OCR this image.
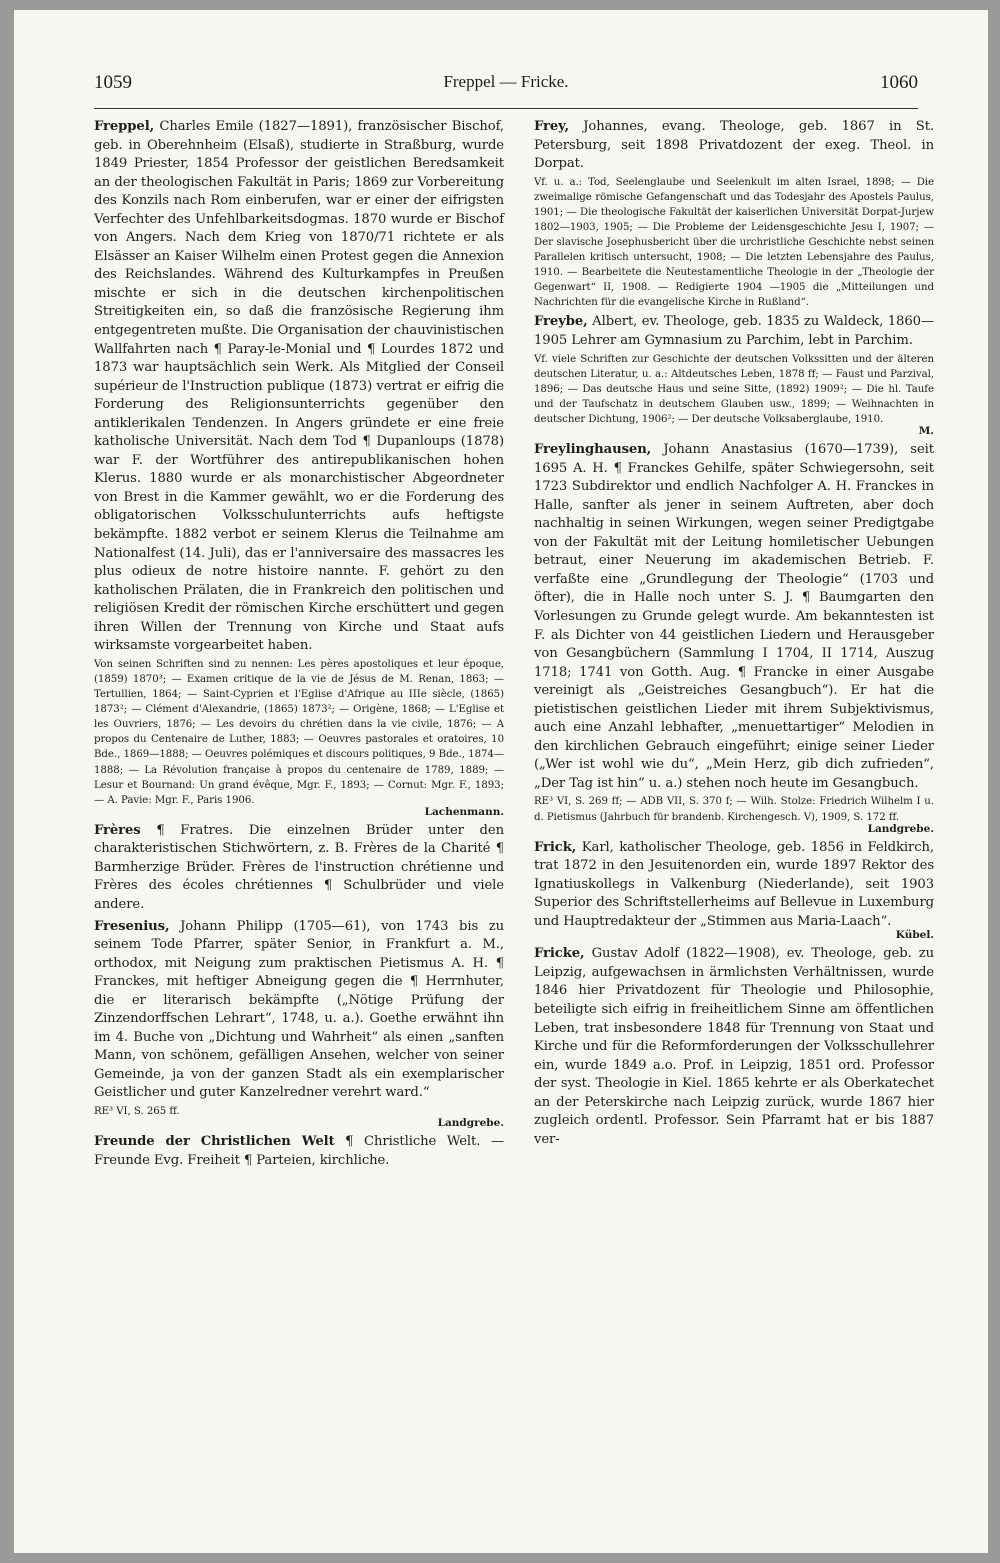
1059	Freppel — Fricke.	1060
Freppel, Charles Emile (1827—1891), französischer Bischof, geb. in Oberehnheim (Elsaß), studierte in Straßburg, wurde 1849 Priester, 1854 Professor der geistlichen Beredsamkeit an der theologischen Fakultät in Paris; 1869 zur Vorbereitung des Konzils nach Rom einberufen, war er einer der eifrigsten Verfechter des Unfehlbarkeitsdogmas. 1870 wurde er Bischof von Angers. Nach dem Krieg von 1870/71 richtete er als Elsässer an Kaiser Wilhelm einen Protest gegen die Annexion des Reichslandes. Während des Kulturkampfes in Preußen mischte er sich in die deutschen kirchenpolitischen Streitigkeiten ein, so daß die französische Regierung ihm entgegentreten mußte. Die Organisation der chauvinistischen Wallfahrten nach ¶ Paray-le-Monial und ¶ Lourdes 1872 und 1873 war hauptsächlich sein Werk. Als Mitglied der Conseil supérieur de l'Instruction publique (1873) vertrat er eifrig die Forderung des Religionsunterrichts gegenüber den antiklerikalen Tendenzen. In Angers gründete er eine freie katholische Universität. Nach dem Tod ¶ Dupanloups (1878) war F. der Wortführer des antirepublikanischen hohen Klerus. 1880 wurde er als monarchistischer Abgeordneter von Brest in die Kammer gewählt, wo er die Forderung des obligatorischen Volksschulunterrichts aufs heftigste bekämpfte. 1882 verbot er seinem Klerus die Teilnahme am Nationalfest (14. Juli), das er l'anniversaire des massacres les plus odieux de notre histoire nannte. F. gehört zu den katholischen Prälaten, die in Frankreich den politischen und religiösen Kredit der römischen Kirche erschüttert und gegen ihren Willen der Trennung von Kirche und Staat aufs wirksamste vorgearbeitet haben.
Von seinen Schriften sind zu nennen: Les pères apostoliques et leur époque, (1859) 1870³; — Examen critique de la vie de Jésus de M. Renan, 1863; — Tertullien, 1864; — Saint-Cyprien et l'Eglise d'Afrique au IIIe siècle, (1865) 1873²; — Clément d'Alexandrie, (1865) 1873²; — Origène, 1868; — L'Eglise et les Ouvriers, 1876; — Les devoirs du chrétien dans la vie civile, 1876; — A propos du Centenaire de Luther, 1883; — Oeuvres pastorales et oratoires, 10 Bde., 1869—1888; — Oeuvres polémiques et discours politiques, 9 Bde., 1874—1888; — La Révolution française à propos du centenaire de 1789, 1889; — Lesur et Bournand: Un grand évêque, Mgr. F., 1893; — Cornut: Mgr. F., 1893; — A. Pavie: Mgr. F., Paris 1906.
Lachenmann.
Frères ¶ Fratres. Die einzelnen Brüder unter den charakteristischen Stichwörtern, z. B. Frères de la Charité ¶ Barmherzige Brüder. Frères de l'instruction chrétienne und Frères des écoles chrétiennes ¶ Schulbrüder und viele andere.
Fresenius, Johann Philipp (1705—61), von 1743 bis zu seinem Tode Pfarrer, später Senior, in Frankfurt a. M., orthodox, mit Neigung zum praktischen Pietismus A. H. ¶ Franckes, mit heftiger Abneigung gegen die ¶ Herrnhuter, die er literarisch bekämpfte („Nötige Prüfung der Zinzendorffschen Lehrart“, 1748, u. a.). Goethe erwähnt ihn im 4. Buche von „Dichtung und Wahrheit“ als einen „sanften Mann, von schönem, gefälligen Ansehen, welcher von seiner Gemeinde, ja von der ganzen Stadt als ein exemplarischer Geistlicher und guter Kanzelredner verehrt ward.“
RE³ VI, S. 265 ff.
Landgrebe.
Freunde der Christlichen Welt ¶ Christliche Welt. — Freunde Evg. Freiheit ¶ Parteien, kirchliche.
Frey, Johannes, evang. Theologe, geb. 1867 in St. Petersburg, seit 1898 Privatdozent der exeg. Theol. in Dorpat.
Vf. u. a.: Tod, Seelenglaube und Seelenkult im alten Israel, 1898; — Die zweimalige römische Gefangenschaft und das Todesjahr des Apostels Paulus, 1901; — Die theologische Fakultät der kaiserlichen Universität Dorpat-Jurjew 1802—1903, 1905; — Die Probleme der Leidensgeschichte Jesu I, 1907; — Der slavische Josephusbericht über die urchristliche Geschichte nebst seinen Parallelen kritisch untersucht, 1908; — Die letzten Lebensjahre des Paulus, 1910. — Bearbeitete die Neutestamentliche Theologie in der „Theologie der Gegenwart“ II, 1908. — Redigierte 1904 —1905 die „Mitteilungen und Nachrichten für die evangelische Kirche in Rußland“.
Freybe, Albert, ev. Theologe, geb. 1835 zu Waldeck, 1860—1905 Lehrer am Gymnasium zu Parchim, lebt in Parchim.
Vf. viele Schriften zur Geschichte der deutschen Volkssitten und der älteren deutschen Literatur, u. a.: Altdeutsches Leben, 1878 ff; — Faust und Parzival, 1896; — Das deutsche Haus und seine Sitte, (1892) 1909²; — Die hl. Taufe und der Taufschatz in deutschem Glauben usw., 1899; — Weihnachten in deutscher Dichtung, 1906²; — Der deutsche Volksaberglaube, 1910.
M.
Freylinghausen, Johann Anastasius (1670—1739), seit 1695 A. H. ¶ Franckes Gehilfe, später Schwiegersohn, seit 1723 Subdirektor und endlich Nachfolger A. H. Franckes in Halle, sanfter als jener in seinem Auftreten, aber doch nachhaltig in seinen Wirkungen, wegen seiner Predigtgabe von der Fakultät mit der Leitung homiletischer Uebungen betraut, einer Neuerung im akademischen Betrieb. F. verfaßte eine „Grundlegung der Theologie“ (1703 und öfter), die in Halle noch unter S. J. ¶ Baumgarten den Vorlesungen zu Grunde gelegt wurde. Am bekanntesten ist F. als Dichter von 44 geistlichen Liedern und Herausgeber von Gesangbüchern (Sammlung I 1704, II 1714, Auszug 1718; 1741 von Gotth. Aug. ¶ Francke in einer Ausgabe vereinigt als „Geistreiches Gesangbuch“). Er hat die pietistischen geistlichen Lieder mit ihrem Subjektivismus, auch eine Anzahl lebhafter, „menuettartiger“ Melodien in den kirchlichen Gebrauch eingeführt; einige seiner Lieder („Wer ist wohl wie du“, „Mein Herz, gib dich zufrieden“, „Der Tag ist hin“ u. a.) stehen noch heute im Gesangbuch.
RE³ VI, S. 269 ff; — ADB VII, S. 370 f; — Wilh. Stolze: Friedrich Wilhelm I u. d. Pietismus (Jahrbuch für brandenb. Kirchengesch. V), 1909, S. 172 ff.
Landgrebe.
Frick, Karl, katholischer Theologe, geb. 1856 in Feldkirch, trat 1872 in den Jesuitenorden ein, wurde 1897 Rektor des Ignatiuskollegs in Valkenburg (Niederlande), seit 1903 Superior des Schriftstellerheims auf Bellevue in Luxemburg und Hauptredakteur der „Stimmen aus Maria-Laach“.
Kübel.
Fricke, Gustav Adolf (1822—1908), ev. Theologe, geb. zu Leipzig, aufgewachsen in ärmlichsten Verhältnissen, wurde 1846 hier Privatdozent für Theologie und Philosophie, beteiligte sich eifrig in freiheitlichem Sinne am öffentlichen Leben, trat insbesondere 1848 für Trennung von Staat und Kirche und für die Reformforderungen der Volksschullehrer ein, wurde 1849 a.o. Prof. in Leipzig, 1851 ord. Professor der syst. Theologie in Kiel. 1865 kehrte er als Oberkatechet an der Peterskirche nach Leipzig zurück, wurde 1867 hier zugleich ordentl. Professor. Sein Pfarramt hat er bis 1887 ver-
